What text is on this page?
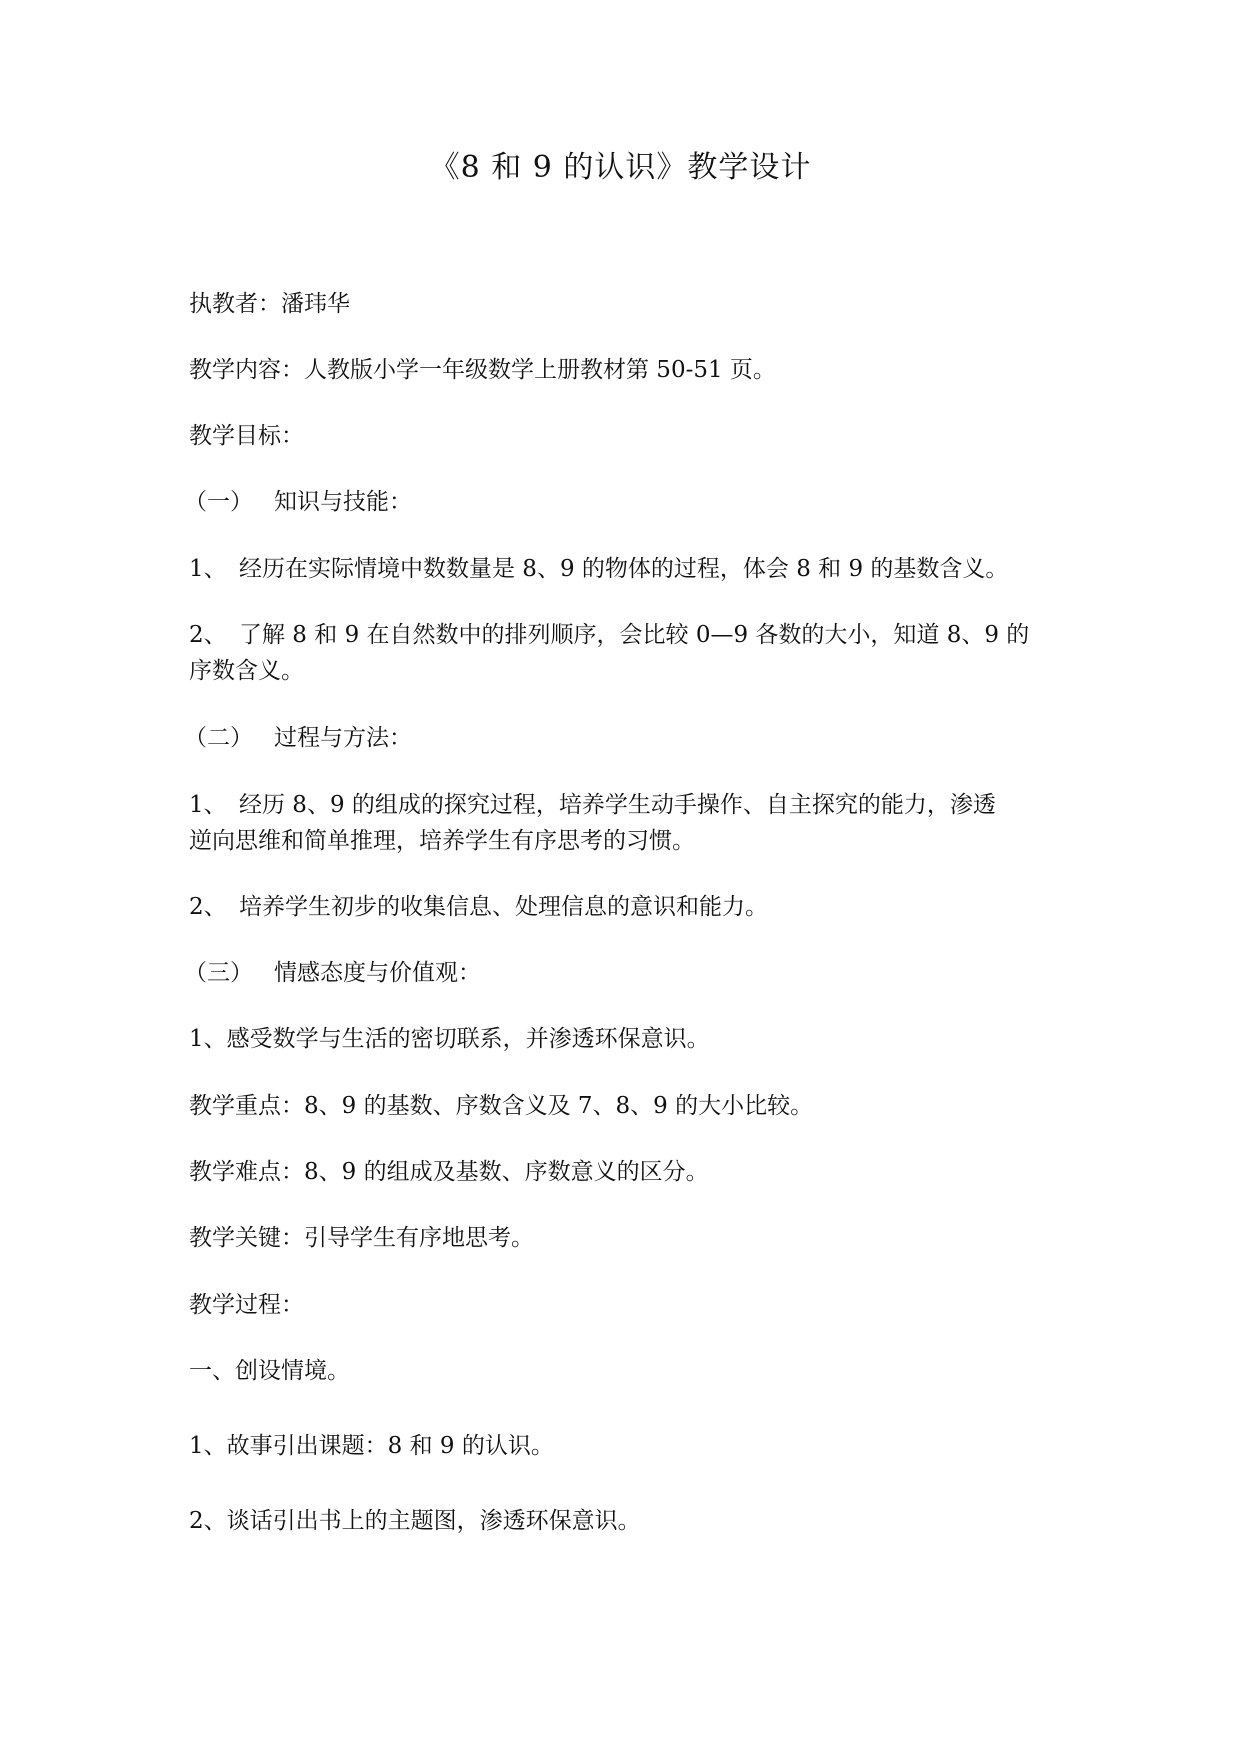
《8 和 9 的认识》教学设计
执教者：潘玮华
教学内容：人教版小学一年级数学上册教材第 50-51 页。
教学目标：
（一） 知识与技能：
1、 经历在实际情境中数数量是 8、9 的物体的过程，体会 8 和 9 的基数含义。
2、 了解 8 和 9 在自然数中的排列顺序，会比较 0—9 各数的大小，知道 8、9 的
序数含义。
（二） 过程与方法：
1、 经历 8、9 的组成的探究过程，培养学生动手操作、自主探究的能力，渗透
逆向思维和简单推理，培养学生有序思考的习惯。
2、 培养学生初步的收集信息、处理信息的意识和能力。
（三） 情感态度与价值观：
1、感受数学与生活的密切联系，并渗透环保意识。
教学重点：8、9 的基数、序数含义及 7、8、9 的大小比较。
教学难点：8、9 的组成及基数、序数意义的区分。
教学关键：引导学生有序地思考。
教学过程：
一、创设情境。
1、故事引出课题：8 和 9 的认识。
2、谈话引出书上的主题图，渗透环保意识。
